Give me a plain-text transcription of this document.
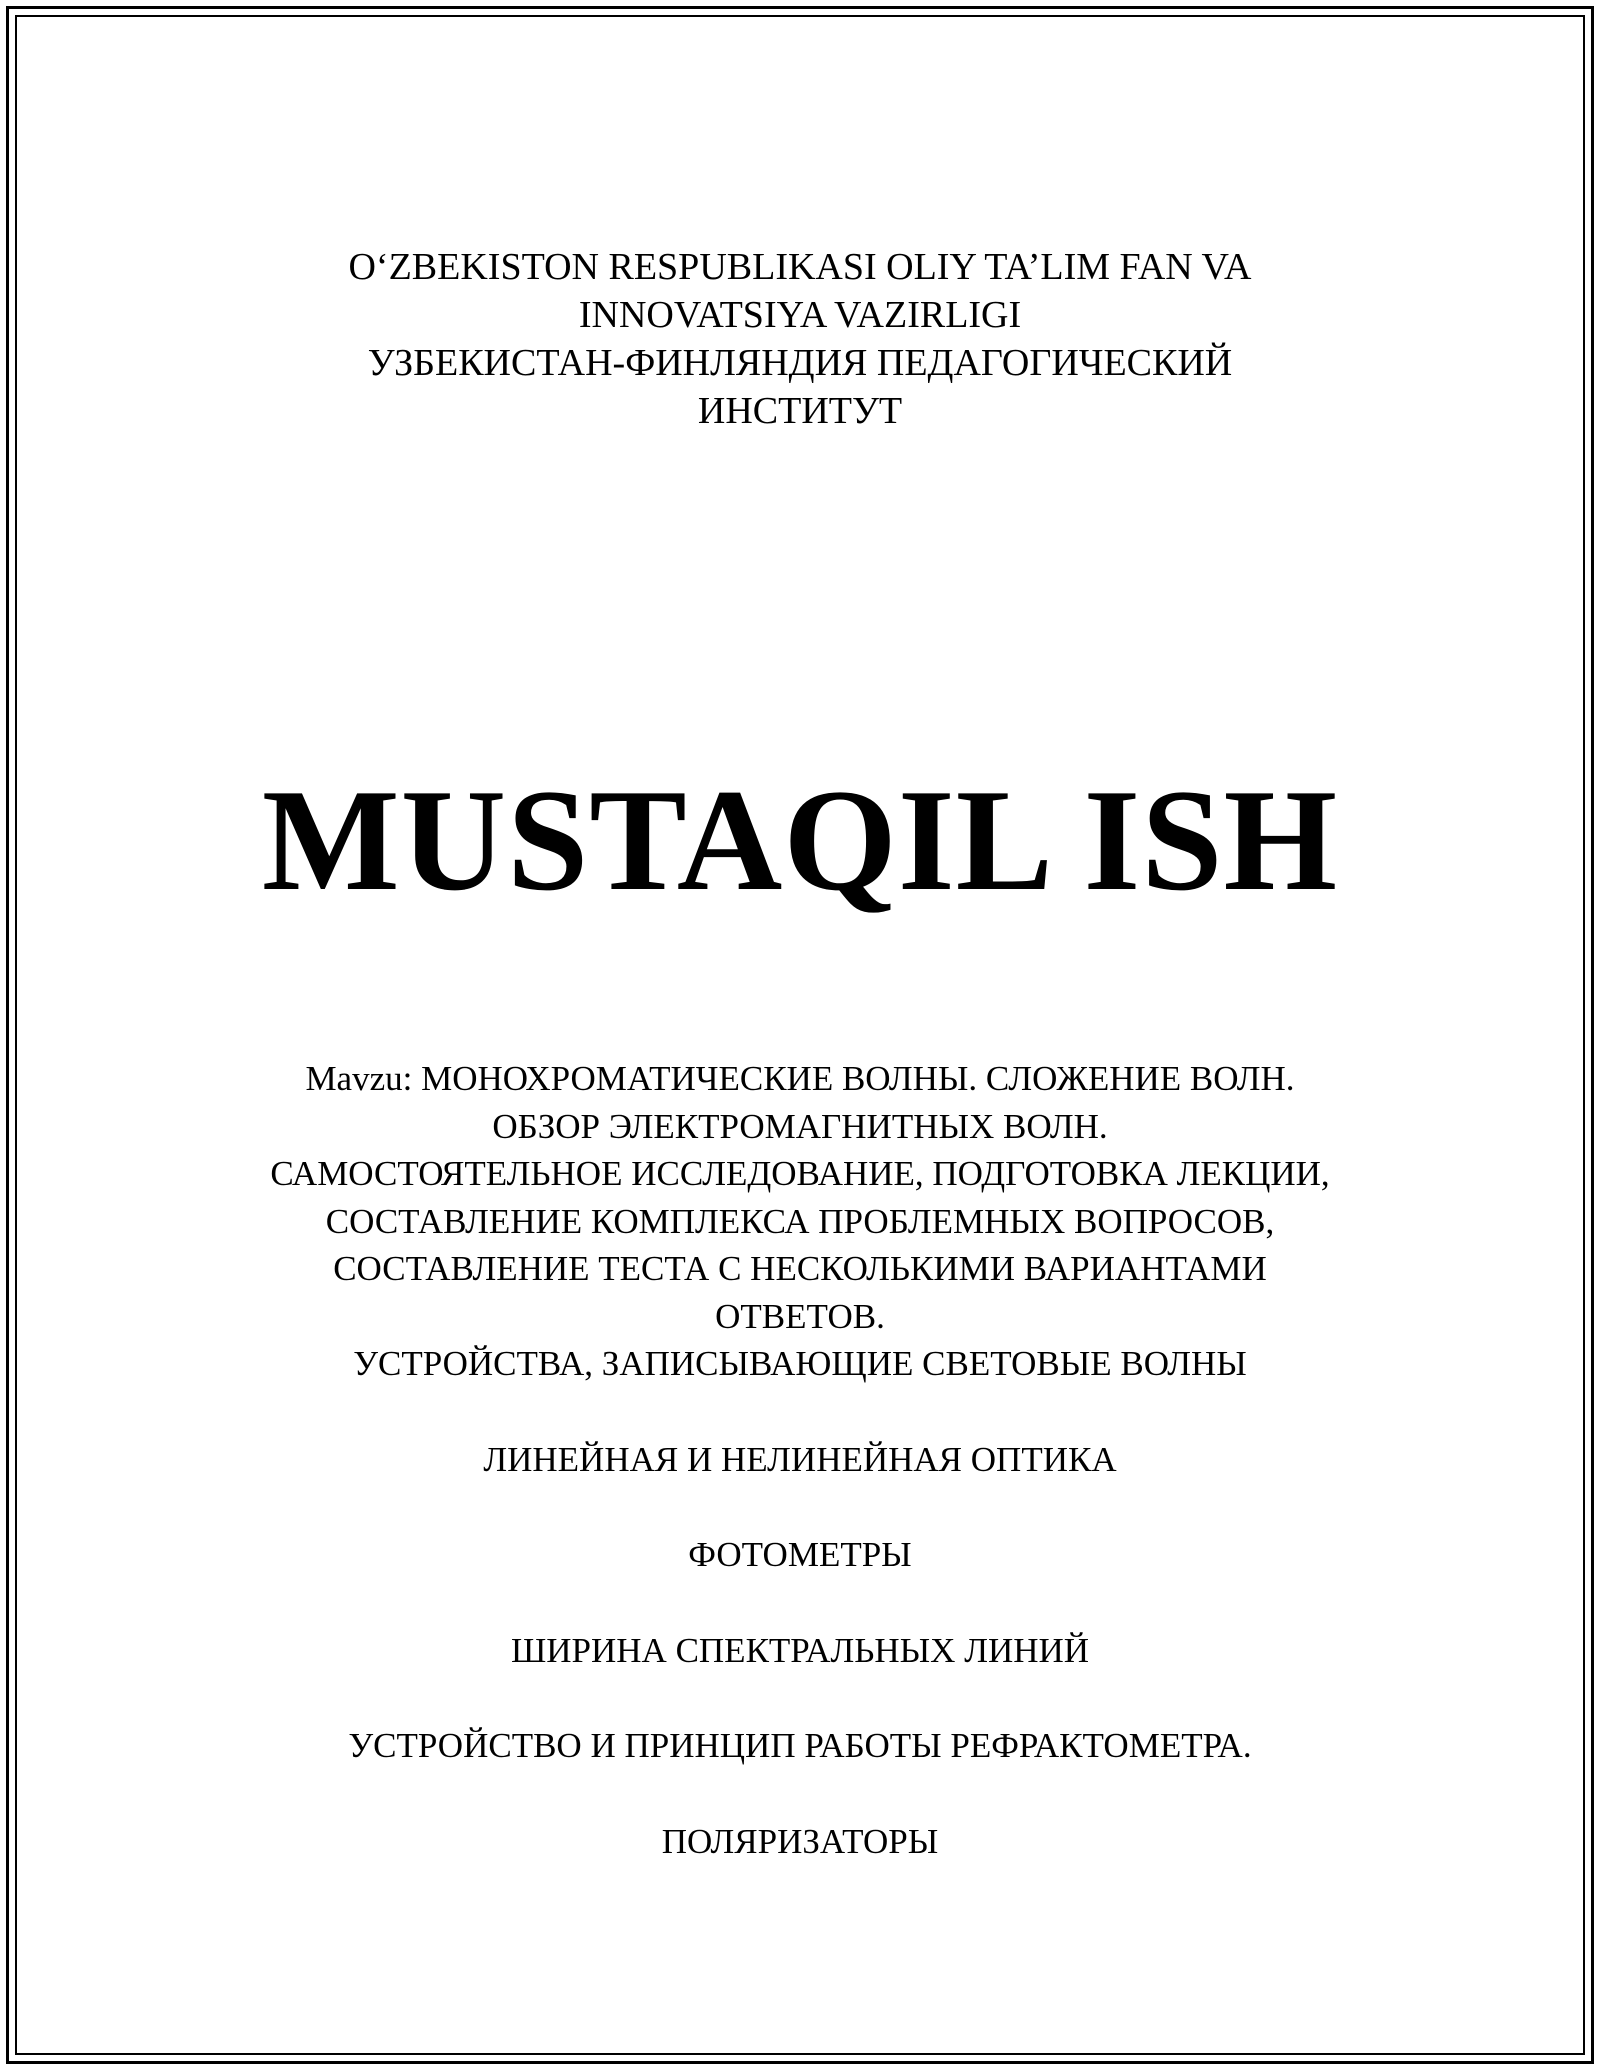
O‘ZBEKISTON RESPUBLIKASI OLIY TA’LIM FAN VA
INNOVATSIYA VAZIRLIGI
УЗБЕКИСТАН-ФИНЛЯНДИЯ ПЕДАГОГИЧЕСКИЙ
ИНСТИТУТ
MUSTAQIL ISH
Mavzu: МОНОХРОМАТИЧЕСКИЕ ВОЛНЫ. СЛОЖЕНИЕ ВОЛН.
ОБЗОР ЭЛЕКТРОМАГНИТНЫХ ВОЛН.
САМОСТОЯТЕЛЬНОЕ ИССЛЕДОВАНИЕ, ПОДГОТОВКА ЛЕКЦИИ,
СОСТАВЛЕНИЕ КОМПЛЕКСА ПРОБЛЕМНЫХ ВОПРОСОВ,
СОСТАВЛЕНИЕ ТЕСТА С НЕСКОЛЬКИМИ ВАРИАНТАМИ
ОТВЕТОВ.
УСТРОЙСТВА, ЗАПИСЫВАЮЩИЕ СВЕТОВЫЕ ВОЛНЫ
ЛИНЕЙНАЯ И НЕЛИНЕЙНАЯ ОПТИКА
ФОТОМЕТРЫ
ШИРИНА СПЕКТРАЛЬНЫХ ЛИНИЙ
УСТРОЙСТВО И ПРИНЦИП РАБОТЫ РЕФРАКТОМЕТРА.
ПОЛЯРИЗАТОРЫ
